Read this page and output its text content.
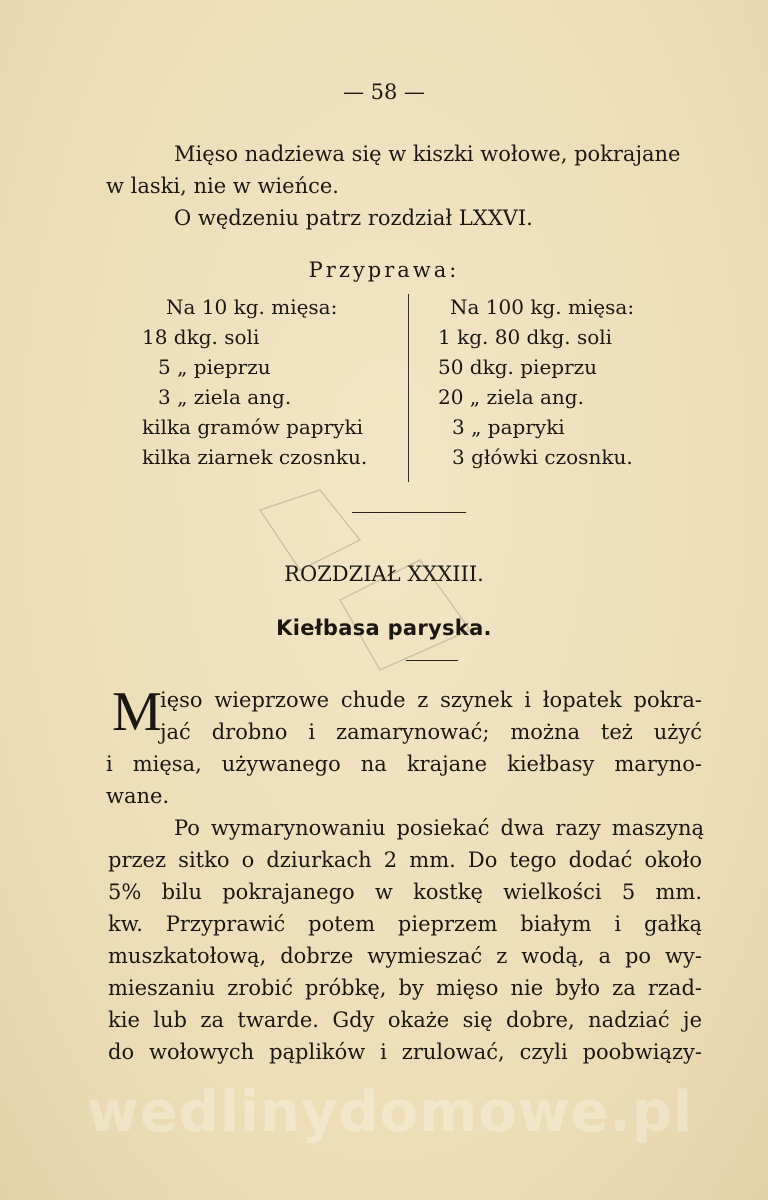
— 58 —
Mięso nadziewa się w kiszki wołowe, pokrajane
w laski, nie w wieńce.
O wędzeniu patrz rozdział LXXVI.
Przyprawa:
Na 10 kg. mięsa:
18 dkg. soli
5 „ pieprzu
3 „ ziela ang.
kilka gramów papryki
kilka ziarnek czosnku.
Na 100 kg. mięsa:
1 kg. 80 dkg. soli
50 dkg. pieprzu
20 „ ziela ang.
3 „ papryki
3 główki czosnku.
ROZDZIAŁ XXXIII.
Kiełbasa paryska.
M
ięso wieprzowe chude z szynek i łopatek pokra-
jać drobno i zamarynować; można też użyć
i mięsa, używanego na krajane kiełbasy maryno-
wane.
Po wymarynowaniu posiekać dwa razy maszyną
przez sitko o dziurkach 2 mm. Do tego dodać około
5% bilu pokrajanego w kostkę wielkości 5 mm.
kw. Przyprawić potem pieprzem białym i gałką
muszkatołową, dobrze wymieszać z wodą, a po wy-
mieszaniu zrobić próbkę, by mięso nie było za rzad-
kie lub za twarde. Gdy okaże się dobre, nadziać je
do wołowych pąplików i zrulować, czyli poobwiązy-
wedlinydomowe.pl
